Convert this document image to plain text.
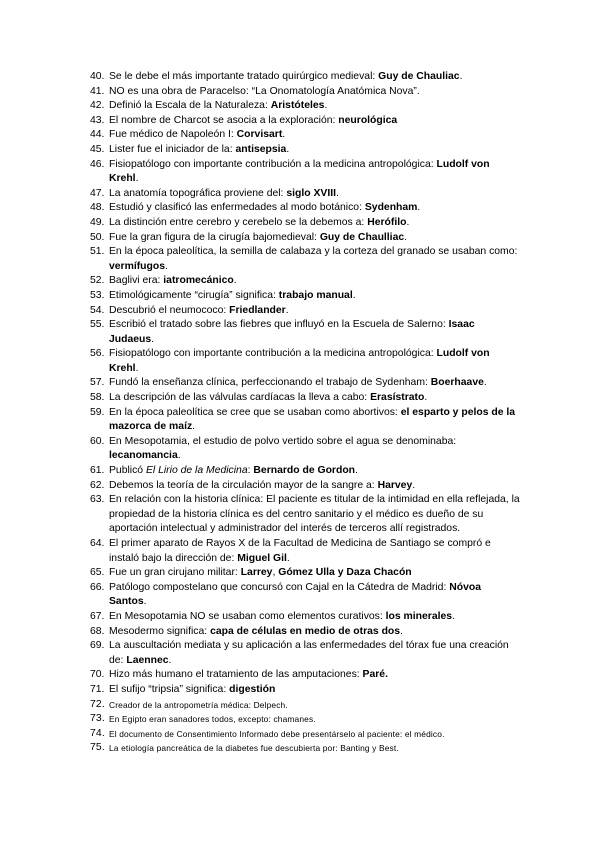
40. Se le debe el más importante tratado quirúrgico medieval: Guy de Chauliac.
41. NO es una obra de Paracelso: “La Onomatología Anatómica Nova”.
42. Definió la Escala de la Naturaleza: Aristóteles.
43. El nombre de Charcot se asocia a la exploración: neurológica
44. Fue médico de Napoleón I: Corvisart.
45. Lister fue el iniciador de la: antisepsia.
46. Fisiopatólogo con importante contribución a la medicina antropológica: Ludolf von Krehl.
47. La anatomía topográfica proviene del: siglo XVIII.
48. Estudió y clasificó las enfermedades al modo botánico: Sydenham.
49. La distinción entre cerebro y cerebelo se la debemos a: Herófilo.
50. Fue la gran figura de la cirugía bajomedieval: Guy de Chaulliac.
51. En la época paleolítica, la semilla de calabaza y la corteza del granado se usaban como: vermífugos.
52. Baglivi era: iatromecánico.
53. Etimológicamente “cirugía” significa: trabajo manual.
54. Descubrió el neumococo: Friedlander.
55. Escribió el tratado sobre las fiebres que influyó en la Escuela de Salerno: Isaac Judaeus.
56. Fisiopatólogo con importante contribución a la medicina antropológica: Ludolf von Krehl.
57. Fundó la enseñanza clínica, perfeccionando el trabajo de Sydenham: Boerhaave.
58. La descripción de las válvulas cardíacas la lleva a cabo: Erasístrato.
59. En la época paleolítica se cree que se usaban como abortivos: el esparto y pelos de la mazorca de maíz.
60. En Mesopotamia, el estudio de polvo vertido sobre el agua se denominaba: lecanomancia.
61. Publicó El Lirio de la Medicina: Bernardo de Gordon.
62. Debemos la teoría de la circulación mayor de la sangre a: Harvey.
63. En relación con la historia clínica: El paciente es titular de la intimidad en ella reflejada, la propiedad de la historia clínica es del centro sanitario y el médico es dueño de su aportación intelectual y administrador del interés de terceros allí registrados.
64. El primer aparato de Rayos X de la Facultad de Medicina de Santiago se compró e instaló bajo la dirección de: Miguel Gil.
65. Fue un gran cirujano militar: Larrey, Gómez Ulla y Daza Chacón
66. Patólogo compostelano que concursó con Cajal en la Cátedra de Madrid: Nóvoa Santos.
67. En Mesopotamia NO se usaban como elementos curativos: los minerales.
68. Mesodermo significa: capa de células en medio de otras dos.
69. La auscultación mediata y su aplicación a las enfermedades del tórax fue una creación de: Laennec.
70. Hizo más humano el tratamiento de las amputaciones: Paré.
71. El sufijo “tripsia” significa: digestión
72. Creador de la antropometría médica: Delpech.
73. En Egipto eran sanadores todos, excepto: chamanes.
74. El documento de Consentimiento Informado debe presentárselo al paciente: el médico.
75. La etiología pancreática de la diabetes fue descubierta por: Banting y Best.
